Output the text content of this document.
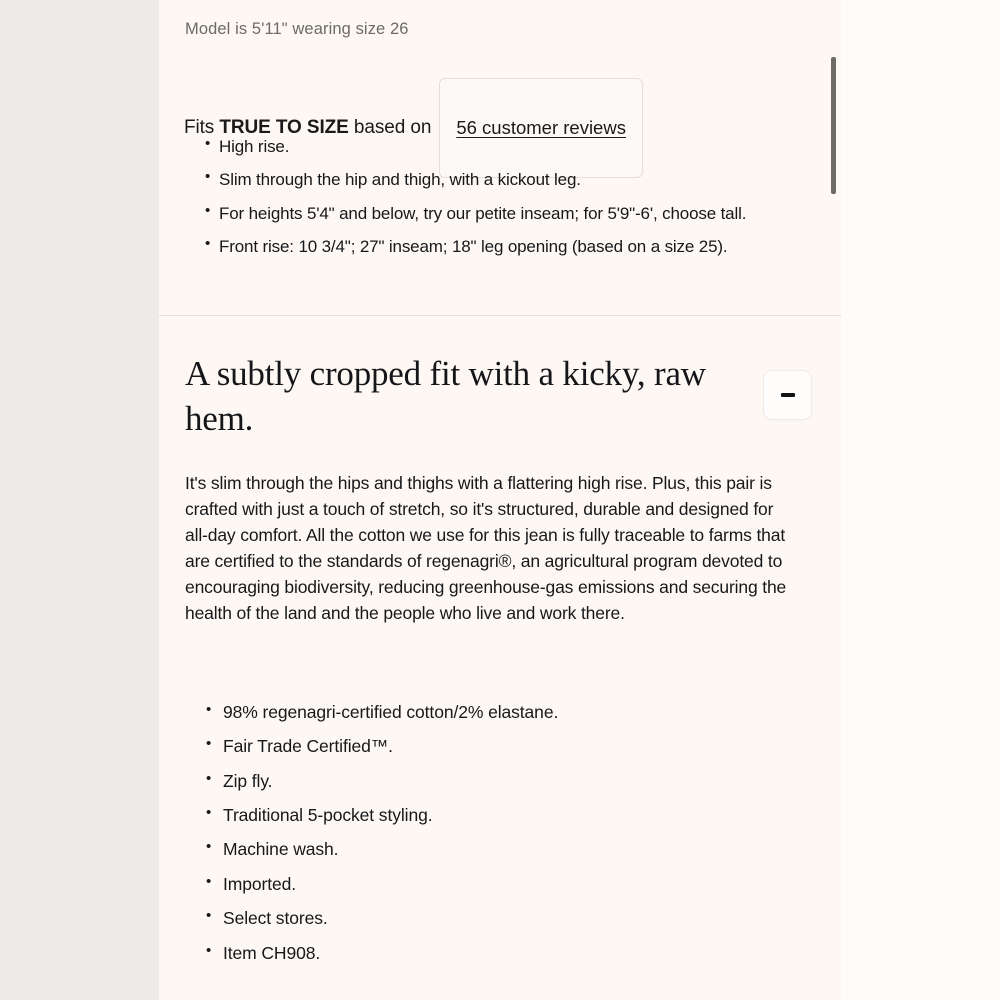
Model is 5'11" wearing size 26
Fits TRUE TO SIZE based on 56 customer reviews
• High rise.
• Slim through the hip and thigh, with a kickout leg.
• For heights 5'4" and below, try our petite inseam; for 5'9"-6', choose tall.
• Front rise: 10 3/4"; 27" inseam; 18" leg opening (based on a size 25).
A subtly cropped fit with a kicky, raw hem.

It's slim through the hips and thighs with a flattering high rise. Plus, this pair is crafted with just a touch of stretch, so it's structured, durable and designed for all-day comfort. All the cotton we use for this jean is fully traceable to farms that are certified to the standards of regenagri®, an agricultural program devoted to encouraging biodiversity, reducing greenhouse-gas emissions and securing the health of the land and the people who live and work there.

• 98% regenagri-certified cotton/2% elastane.
• Fair Trade Certified™.
• Zip fly.
• Traditional 5-pocket styling.
• Machine wash.
• Imported.
• Select stores.
• Item CH908.
